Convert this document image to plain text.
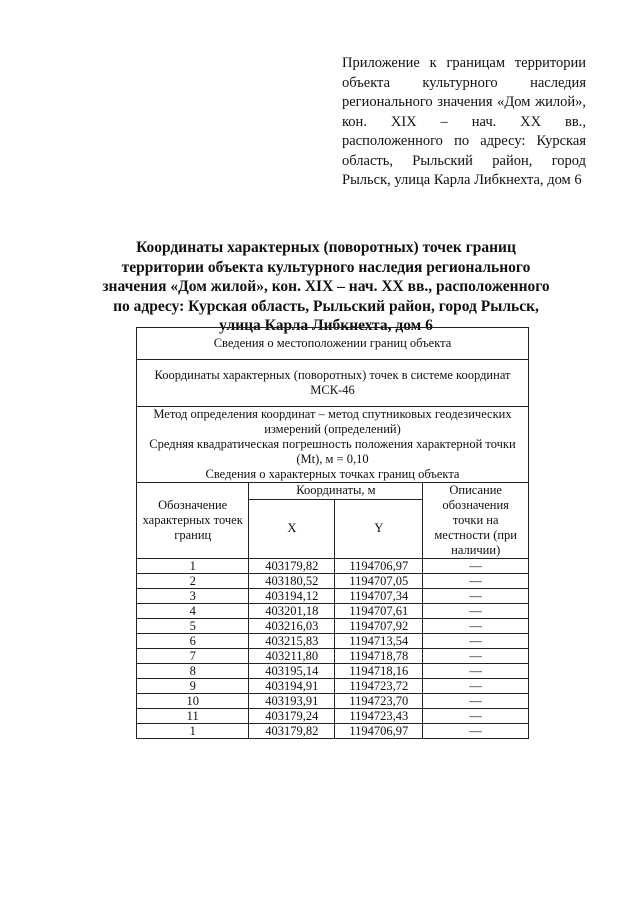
Приложение к границам территории объекта культурного наследия регионального значения «Дом жилой», кон. XIX – нач. XX вв., расположенного по адресу: Курская область, Рыльский район, город Рыльск, улица Карла Либкнехта, дом 6
Координаты характерных (поворотных) точек границ территории объекта культурного наследия регионального значения «Дом жилой», кон. XIX – нач. XX вв., расположенного по адресу: Курская область, Рыльский район, город Рыльск, улица Карла Либкнехта, дом 6
Сведения о местоположении границ объекта			
Координаты характерных (поворотных) точек в системе координат МСК-46			

Метод определения координат – метод спутниковых геодезических измерений (определений)
Средняя квадратическая погрешность положения характерной точки (Mt), м = 0,10
Сведения о характерных точках границ объекта			

Обозначение характерных точек границ	Координаты, м		Описание обозначения точки на местности (при наличии)
	X	Y	
1	403179,82	1194706,97	—
2	403180,52	1194707,05	—
3	403194,12	1194707,34	—
4	403201,18	1194707,61	—
5	403216,03	1194707,92	—
6	403215,83	1194713,54	—
7	403211,80	1194718,78	—
8	403195,14	1194718,16	—
9	403194,91	1194723,72	—
10	403193,91	1194723,70	—
11	403179,24	1194723,43	—
1	403179,82	1194706,97	—
